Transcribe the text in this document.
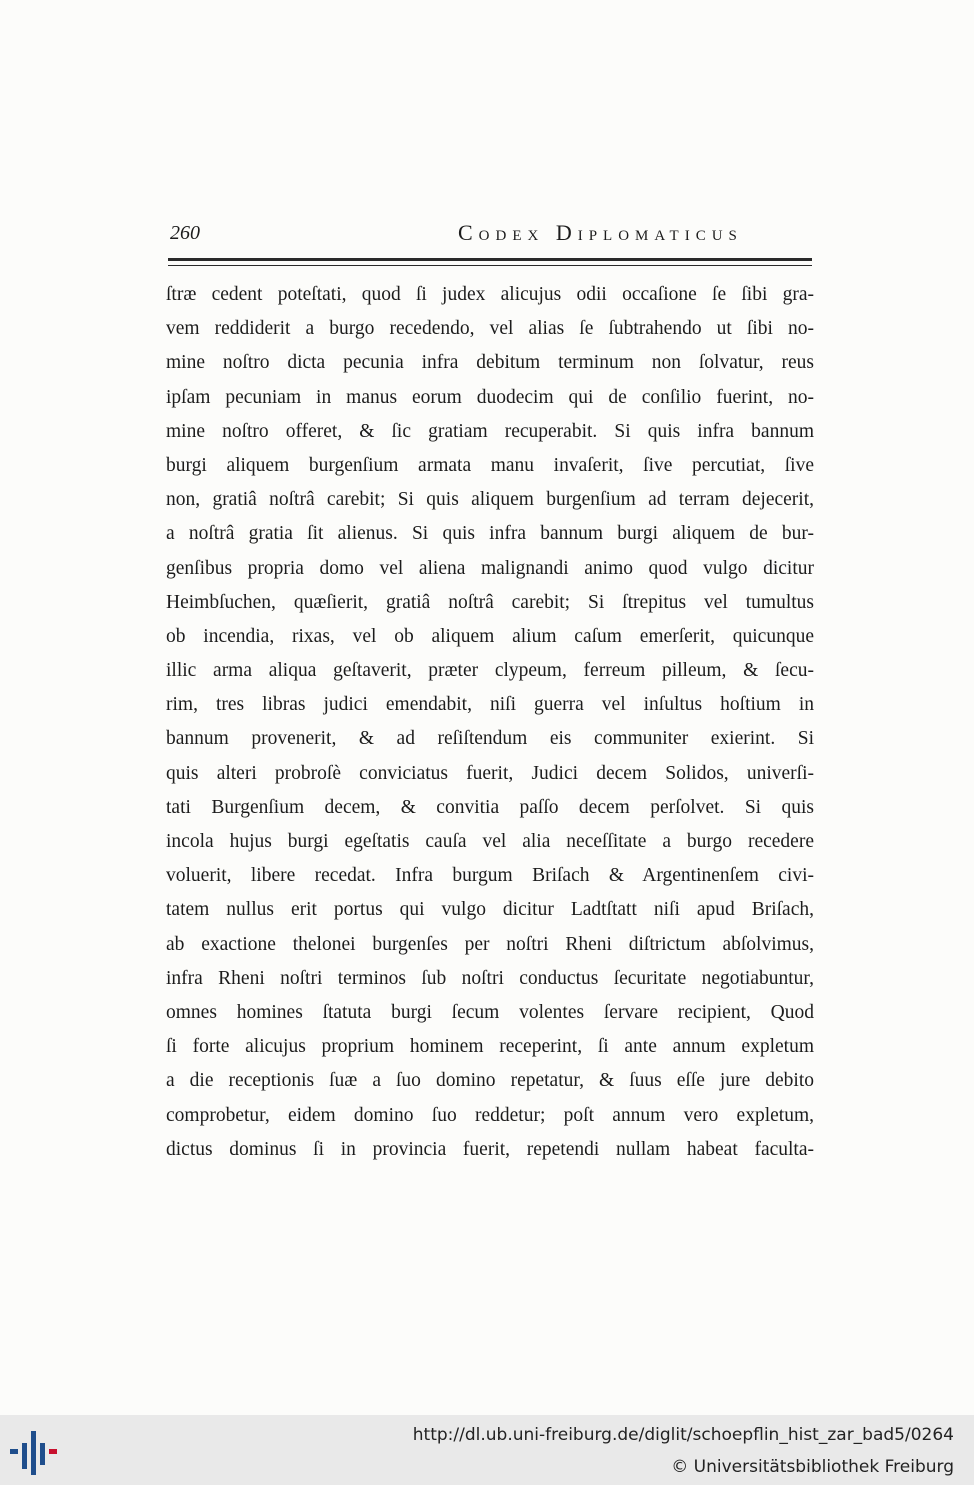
260	Codex Diplomaticus
ſtræ cedent poteſtati, quod ſi judex alicujus odii occaſione ſe ſibi gra-
vem reddiderit a burgo recedendo, vel alias ſe ſubtrahendo ut ſibi no-
mine noſtro dicta pecunia infra debitum terminum non ſolvatur, reus
ipſam pecuniam in manus eorum duodecim qui de conſilio fuerint, no-
mine noſtro offeret, & ſic gratiam recuperabit. Si quis infra bannum
burgi aliquem burgenſium armata manu invaſerit, ſive percutiat, ſive
non, gratiâ noſtrâ carebit; Si quis aliquem burgenſium ad terram dejecerit,
a noſtrâ gratia ſit alienus. Si quis infra bannum burgi aliquem de bur-
genſibus propria domo vel aliena malignandi animo quod vulgo dicitur
Heimbſuchen, quæſierit, gratiâ noſtrâ carebit; Si ſtrepitus vel tumultus
ob incendia, rixas, vel ob aliquem alium caſum emerſerit, quicunque
illic arma aliqua geſtaverit, præter clypeum, ferreum pilleum, & ſecu-
rim, tres libras judici emendabit, niſi guerra vel inſultus hoſtium in
bannum provenerit, & ad reſiſtendum eis communiter exierint. Si
quis alteri probroſè conviciatus fuerit, Judici decem Solidos, univerſi-
tati Burgenſium decem, & convitia paſſo decem perſolvet. Si quis
incola hujus burgi egeſtatis cauſa vel alia neceſſitate a burgo recedere
voluerit, libere recedat. Infra burgum Briſach & Argentinenſem civi-
tatem nullus erit portus qui vulgo dicitur Ladtſtatt niſi apud Briſach,
ab exactione thelonei burgenſes per noſtri Rheni diſtrictum abſolvimus,
infra Rheni noſtri terminos ſub noſtri conductus ſecuritate negotiabuntur,
omnes homines ſtatuta burgi ſecum volentes ſervare recipient, Quod
ſi forte alicujus proprium hominem receperint, ſi ante annum expletum
a die receptionis ſuæ a ſuo domino repetatur, & ſuus eſſe jure debito
comprobetur, eidem domino ſuo reddetur; poſt annum vero expletum,
dictus dominus ſi in provincia fuerit, repetendi nullam habeat faculta-
http://dl.ub.uni-freiburg.de/diglit/schoepflin_hist_zar_bad5/0264
© Universitätsbibliothek Freiburg
